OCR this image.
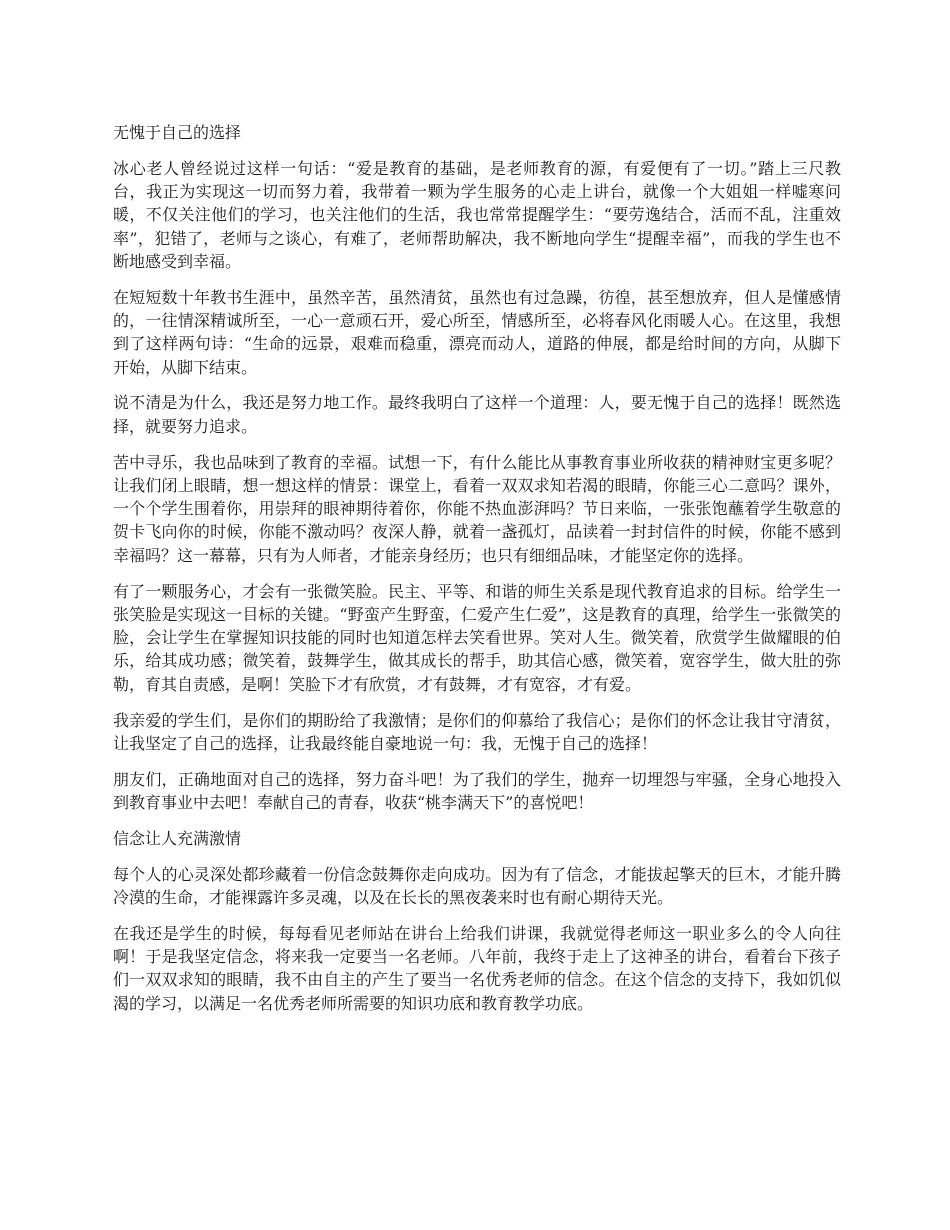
无愧于自己的选择

冰心老人曾经说过这样一句话：“爱是教育的基础，是老师教育的源，有爱便有了一切。”踏上三尺教台，我正为实现这一切而努力着，我带着一颗为学生服务的心走上讲台，就像一个大姐姐一样嘘寒问暖，不仅关注他们的学习，也关注他们的生活，我也常常提醒学生：“要劳逸结合，活而不乱，注重效率”，犯错了，老师与之谈心，有难了，老师帮助解决，我不断地向学生“提醒幸福”，而我的学生也不断地感受到幸福。

在短短数十年教书生涯中，虽然辛苦，虽然清贫，虽然也有过急躁，彷徨，甚至想放弃，但人是懂感情的，一往情深精诚所至，一心一意顽石开，爱心所至，情感所至，必将春风化雨暖人心。在这里，我想到了这样两句诗：“生命的远景，艰难而稳重，漂亮而动人，道路的伸展，都是给时间的方向，从脚下开始，从脚下结束。

说不清是为什么，我还是努力地工作。最终我明白了这样一个道理：人，要无愧于自己的选择！既然选择，就要努力追求。

苦中寻乐，我也品味到了教育的幸福。试想一下，有什么能比从事教育事业所收获的精神财宝更多呢？让我们闭上眼睛，想一想这样的情景：课堂上，看着一双双求知若渴的眼睛，你能三心二意吗？课外，一个个学生围着你，用崇拜的眼神期待着你，你能不热血澎湃吗？节日来临，一张张饱蘸着学生敬意的贺卡飞向你的时候，你能不激动吗？夜深人静，就着一盏孤灯，品读着一封封信件的时候，你能不感到幸福吗？这一幕幕，只有为人师者，才能亲身经历；也只有细细品味，才能坚定你的选择。

有了一颗服务心，才会有一张微笑脸。民主、平等、和谐的师生关系是现代教育追求的目标。给学生一张笑脸是实现这一目标的关键。“野蛮产生野蛮，仁爱产生仁爱”，这是教育的真理，给学生一张微笑的脸，会让学生在掌握知识技能的同时也知道怎样去笑看世界。笑对人生。微笑着，欣赏学生做耀眼的伯乐，给其成功感；微笑着，鼓舞学生，做其成长的帮手，助其信心感，微笑着，宽容学生，做大肚的弥勒，育其自责感，是啊！笑脸下才有欣赏，才有鼓舞，才有宽容，才有爱。

我亲爱的学生们，是你们的期盼给了我激情；是你们的仰慕给了我信心；是你们的怀念让我甘守清贫，让我坚定了自己的选择，让我最终能自豪地说一句：我，无愧于自己的选择！

朋友们，正确地面对自己的选择，努力奋斗吧！为了我们的学生，抛弃一切埋怨与牢骚，全身心地投入到教育事业中去吧！奉献自己的青春，收获“桃李满天下”的喜悦吧！

信念让人充满激情

每个人的心灵深处都珍藏着一份信念鼓舞你走向成功。因为有了信念，才能拔起擎天的巨木，才能升腾冷漠的生命，才能裸露许多灵魂，以及在长长的黑夜袭来时也有耐心期待天光。

在我还是学生的时候，每每看见老师站在讲台上给我们讲课，我就觉得老师这一职业多么的令人向往啊！于是我坚定信念，将来我一定要当一名老师。八年前，我终于走上了这神圣的讲台，看着台下孩子们一双双求知的眼睛，我不由自主的产生了要当一名优秀老师的信念。在这个信念的支持下，我如饥似渴的学习，以满足一名优秀老师所需要的知识功底和教育教学功底。
